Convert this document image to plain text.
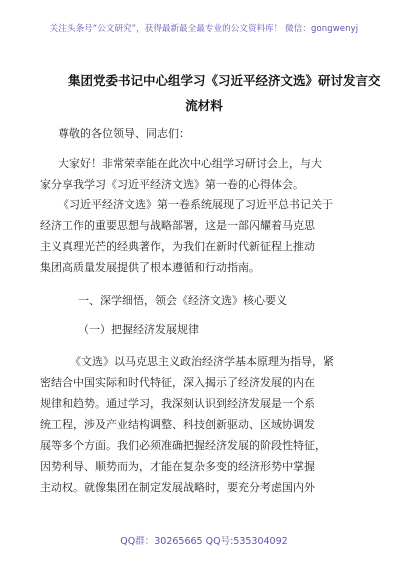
关注头条号“公文研究”，获得最新最全最专业的公文资料库！ 微信：gongwenyj
集团党委书记中心组学习《习近平经济文选》研讨发言交
流材料
尊敬的各位领导、同志们：
大家好！非常荣幸能在此次中心组学习研讨会上，与大
家分享我学习《习近平经济文选》第一卷的心得体会。
《习近平经济文选》第一卷系统展现了习近平总书记关于
经济工作的重要思想与战略部署，这是一部闪耀着马克思
主义真理光芒的经典著作，为我们在新时代新征程上推动
集团高质量发展提供了根本遵循和行动指南。
一、深学细悟，领会《经济文选》核心要义
（一）把握经济发展规律
《文选》以马克思主义政治经济学基本原理为指导，紧
密结合中国实际和时代特征，深入揭示了经济发展的内在
规律和趋势。通过学习，我深刻认识到经济发展是一个系
统工程，涉及产业结构调整、科技创新驱动、区域协调发
展等多个方面。我们必须准确把握经济发展的阶段性特征，
因势利导、顺势而为，才能在复杂多变的经济形势中掌握
主动权。就像集团在制定发展战略时，要充分考虑国内外
QQ群：30265665 QQ号:535304092
